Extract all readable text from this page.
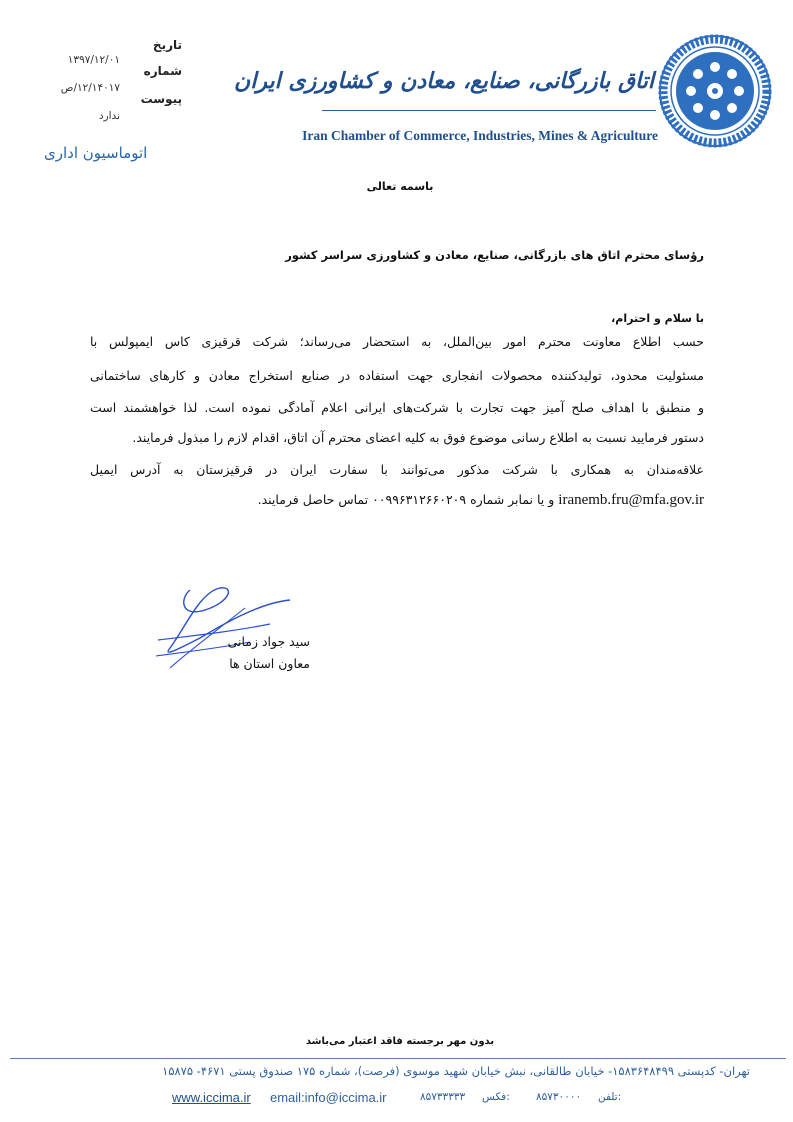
تاریخ
شماره
پیوست
۱۳۹۷/۱۲/۰۱
۱۲/۱۴۰۱۷/ص
ندارد
اتوماسیون اداری
اتاق بازرگانی، صنایع، معادن و کشاورزی ایران
Iran Chamber of Commerce, Industries, Mines & Agriculture
باسمه تعالی
رؤسای محترم اتاق های بازرگانی، صنایع، معادن و کشاورزی سراسر کشور
با سلام و احترام،
حسب اطلاع معاونت محترم امور بین‌الملل، به استحضار می‌رساند؛ شرکت قرقیزی کاس ایمپولس با
مسئولیت محدود، تولیدکننده محصولات انفجاری جهت استفاده در صنایع استخراج معادن و کارهای ساختمانی
و منطبق با اهداف صلح آمیز جهت تجارت با شرکت‌های ایرانی اعلام آمادگی نموده است. لذا خواهشمند است
دستور فرمایید نسبت به اطلاع رسانی موضوع فوق به کلیه اعضای محترم آن اتاق، اقدام لازم را مبذول فرمایند.
علاقه‌مندان به همکاری با شرکت مذکور می‌توانند با سفارت ایران در قرقیزستان به آدرس ایمیل
iranemb.fru@mfa.gov.ir و یا نمابر شماره ۰۰۹۹۶۳۱۲۶۶۰۲۰۹ تماس حاصل فرمایند.
سید جواد زمانی
معاون استان ها
بدون مهر برجسته فاقد اعتبار می‌باشد
تهران- کدپستی ۱۵۸۳۶۴۸۴۹۹- خیابان طالقانی، نبش خیابان شهید موسوی (فرصت)، شماره ۱۷۵ صندوق پستی ۴۶۷۱- ۱۵۸۷۵
www.iccima.ir email:info@iccima.ir	۸۵۷۳۳۳۳۳ فکس: ۸۵۷۳۰۰۰۰ تلفن:
